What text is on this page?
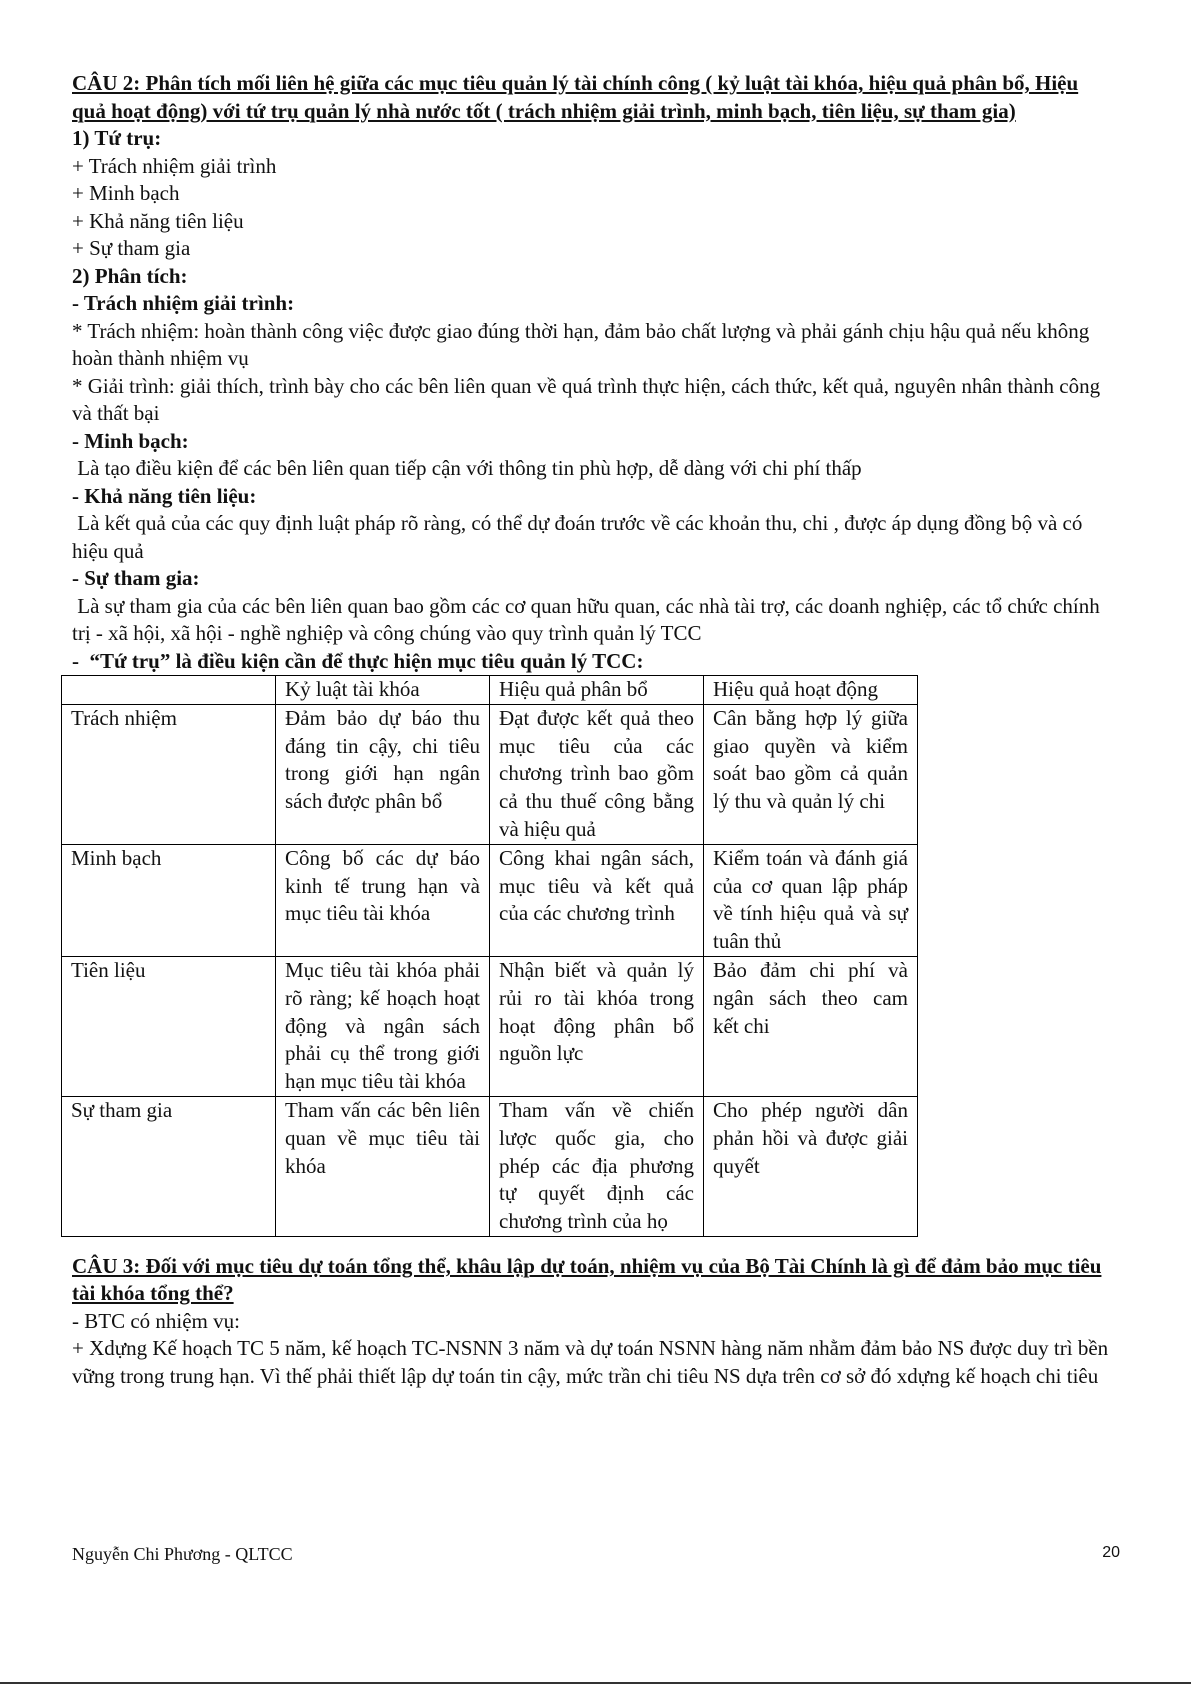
CÂU 2: Phân tích mối liên hệ giữa các mục tiêu quản lý tài chính công ( kỷ luật tài khóa, hiệu quả phân bổ, Hiệu quả hoạt động) với tứ trụ quản lý nhà nước tốt ( trách nhiệm giải trình, minh bạch, tiên liệu, sự tham gia)

1) Tứ trụ:

+ Trách nhiệm giải trình

+ Minh bạch

+ Khả năng tiên liệu

+ Sự tham gia

2) Phân tích:

- Trách nhiệm giải trình:

* Trách nhiệm: hoàn thành công việc được giao đúng thời hạn, đảm bảo chất lượng và phải gánh chịu hậu quả nếu không hoàn thành nhiệm vụ

* Giải trình: giải thích, trình bày cho các bên liên quan về quá trình thực hiện, cách thức, kết quả, nguyên nhân thành công và thất bại

- Minh bạch:

Là tạo điều kiện để các bên liên quan tiếp cận với thông tin phù hợp, dễ dàng với chi phí thấp

- Khả năng tiên liệu:

Là kết quả của các quy định luật pháp rõ ràng, có thể dự đoán trước về các khoản thu, chi , được áp dụng đồng bộ và có hiệu quả

- Sự tham gia:

Là sự tham gia của các bên liên quan bao gồm các cơ quan hữu quan, các nhà tài trợ, các doanh nghiệp, các tổ chức chính trị - xã hội, xã hội - nghề nghiệp và công chúng vào quy trình quản lý TCC

-  “Tứ trụ” là điều kiện cần để thực hiện mục tiêu quản lý TCC:

	Kỷ luật tài khóa	Hiệu quả phân bổ	Hiệu quả hoạt động
Trách nhiệm	Đảm bảo dự báo thu đáng tin cậy, chi tiêu trong giới hạn ngân sách được phân bổ	Đạt được kết quả theo mục tiêu của các chương trình bao gồm cả thu thuế công bằng và hiệu quả	Cân bằng hợp lý giữa giao quyền và kiểm soát bao gồm cả quản lý thu và quản lý chi
Minh bạch	Công bố các dự báo kinh tế trung hạn và mục tiêu tài khóa	Công khai ngân sách, mục tiêu và kết quả của các chương trình	Kiểm toán và đánh giá của cơ quan lập pháp về tính hiệu quả và sự tuân thủ
Tiên liệu	Mục tiêu tài khóa phải rõ ràng; kế hoạch hoạt động và ngân sách phải cụ thể trong giới hạn mục tiêu tài khóa	Nhận biết và quản lý rủi ro tài khóa trong hoạt động phân bổ nguồn lực	Bảo đảm chi phí và ngân sách theo cam kết chi
Sự tham gia	Tham vấn các bên liên quan về mục tiêu tài khóa	Tham vấn về chiến lược quốc gia, cho phép các địa phương tự quyết định các chương trình của họ	Cho phép người dân phản hồi và được giải quyết

CÂU 3: Đối với mục tiêu dự toán tổng thể, khâu lập dự toán, nhiệm vụ của Bộ Tài Chính là gì để đảm bảo mục tiêu tài khóa tổng thể?

- BTC có nhiệm vụ:

+ Xdựng Kế hoạch TC 5 năm, kế hoạch TC-NSNN 3 năm và dự toán NSNN hàng năm nhằm đảm bảo NS được duy trì bền vững trong trung hạn. Vì thế phải thiết lập dự toán tin cậy, mức trần chi tiêu NS dựa trên cơ sở đó xdựng kế hoạch chi tiêu

Nguyễn Chi Phương - QLTCC	20
